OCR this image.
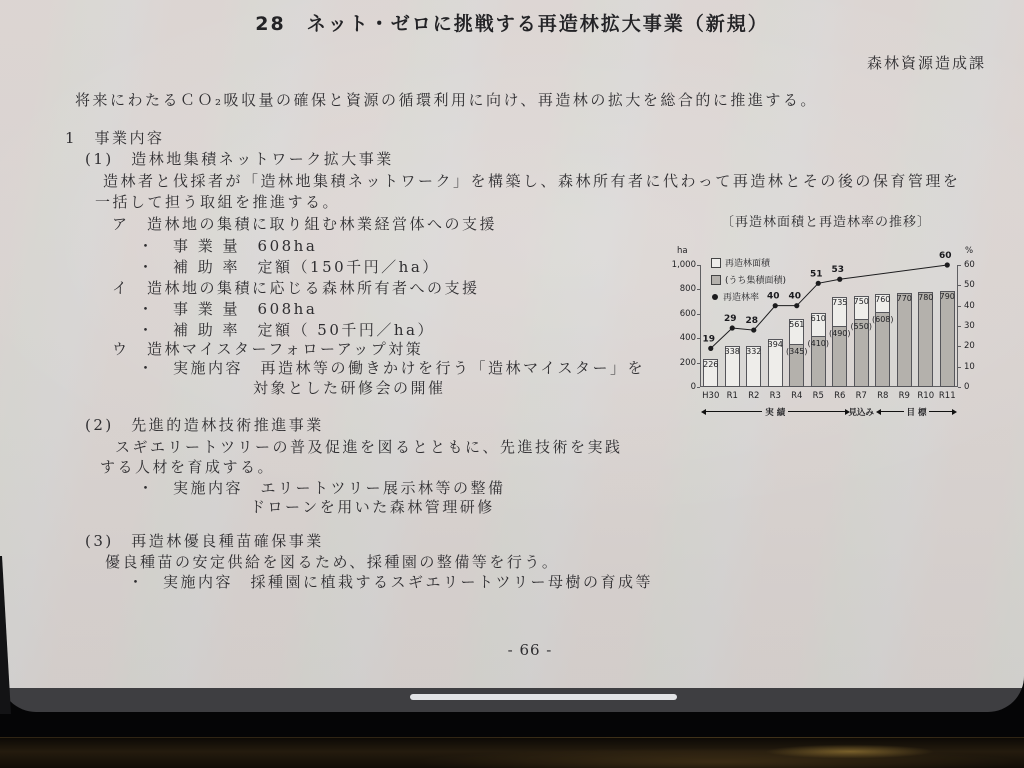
28　ネット・ゼロに挑戦する再造林拡大事業（新規）
森林資源造成課
将来にわたるＣＯ₂吸収量の確保と資源の循環利用に向け、再造林の拡大を総合的に推進する。
1　事業内容
(1)　造林地集積ネットワーク拡大事業
造林者と伐採者が「造林地集積ネットワーク」を構築し、森林所有者に代わって再造林とその後の保育管理を
一括して担う取組を推進する。
ア　造林地の集積に取り組む林業経営体への支援
・　事 業 量　608ha
・　補 助 率　定額（150千円／ha）
イ　造林地の集積に応じる森林所有者への支援
・　事 業 量　608ha
・　補 助 率　定額（ 50千円／ha）
ウ　造林マイスターフォローアップ対策
・　実施内容　再造林等の働きかけを行う「造林マイスター」を
対象とした研修会の開催
(2)　先進的造林技術推進事業
スギエリートツリーの普及促進を図るとともに、先進技術を実践
する人材を育成する。
・　実施内容　エリートツリー展示林等の整備
ドローンを用いた森林管理研修
(3)　再造林優良種苗確保事業
優良種苗の安定供給を図るため、採種園の整備等を行う。
・　実施内容　採種園に植栽するスギエリートツリー母樹の育成等
〔再造林面積と再造林率の推移〕
ha	%
1,000
800
600
400
200
0
60
50
40
30
20
10
0
226
H30
338
R1
332
R2
394
R3
(345)
561
R4
(410)
610
R5
(490)
735
R6
(550)
750
R7
(608)
760
R8
770
R9
780
R10
790
R11
19
29 28
40 40
51 53
60
再造林面積
(うち集積面積)
再造林率
実 績	見込み	目 標
- 66 -
